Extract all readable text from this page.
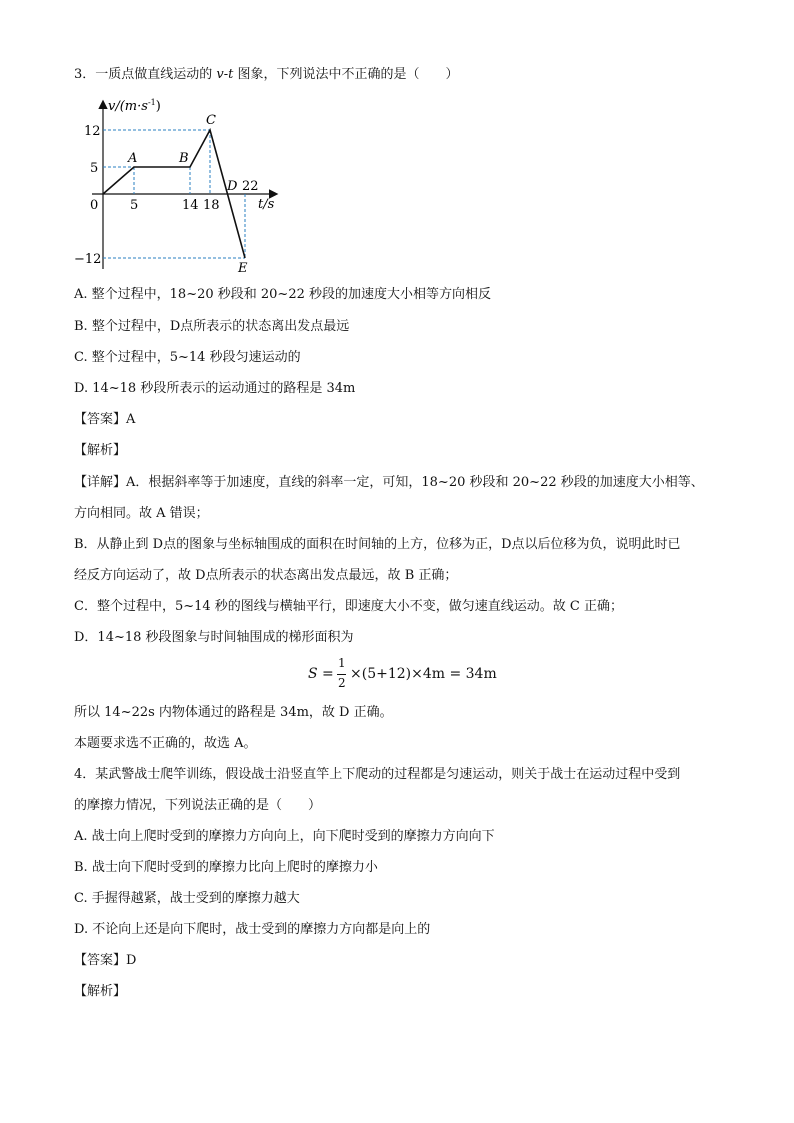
3．一质点做直线运动的 v-t 图象，下列说法中不正确的是（　　）
$v/(m\cdot s^{-1})$
12
5
−12
0 5	14 18	t/s
A	B
C
D 22
E
A. 整个过程中，18~20 秒段和 20~22 秒段的加速度大小相等方向相反
B. 整个过程中，D点所表示的状态离出发点最远
C. 整个过程中，5~14 秒段匀速运动的
D. 14~18 秒段所表示的运动通过的路程是 34m
【答案】A
【解析】
【详解】A．根据斜率等于加速度，直线的斜率一定，可知，18~20 秒段和 20~22 秒段的加速度大小相等、
方向相同。故 A 错误；
B．从静止到 D点的图象与坐标轴围成的面积在时间轴的上方，位移为正，D点以后位移为负，说明此时已
经反方向运动了，故 D点所表示的状态离出发点最远，故 B 正确；
C．整个过程中，5~14 秒的图线与横轴平行，即速度大小不变，做匀速直线运动。故 C 正确；
D．14~18 秒段图象与时间轴围成的梯形面积为
S =
1
2
×(5+12)×4m = 34m
所以 14~22s 内物体通过的路程是 34m，故 D 正确。
本题要求选不正确的，故选 A。
4．某武警战士爬竿训练，假设战士沿竖直竿上下爬动的过程都是匀速运动，则关于战士在运动过程中受到
的摩擦力情况，下列说法正确的是（　　）
A. 战士向上爬时受到的摩擦力方向向上，向下爬时受到的摩擦力方向向下
B. 战士向下爬时受到的摩擦力比向上爬时的摩擦力小
C. 手握得越紧，战士受到的摩擦力越大
D. 不论向上还是向下爬时，战士受到的摩擦力方向都是向上的
【答案】D
【解析】
